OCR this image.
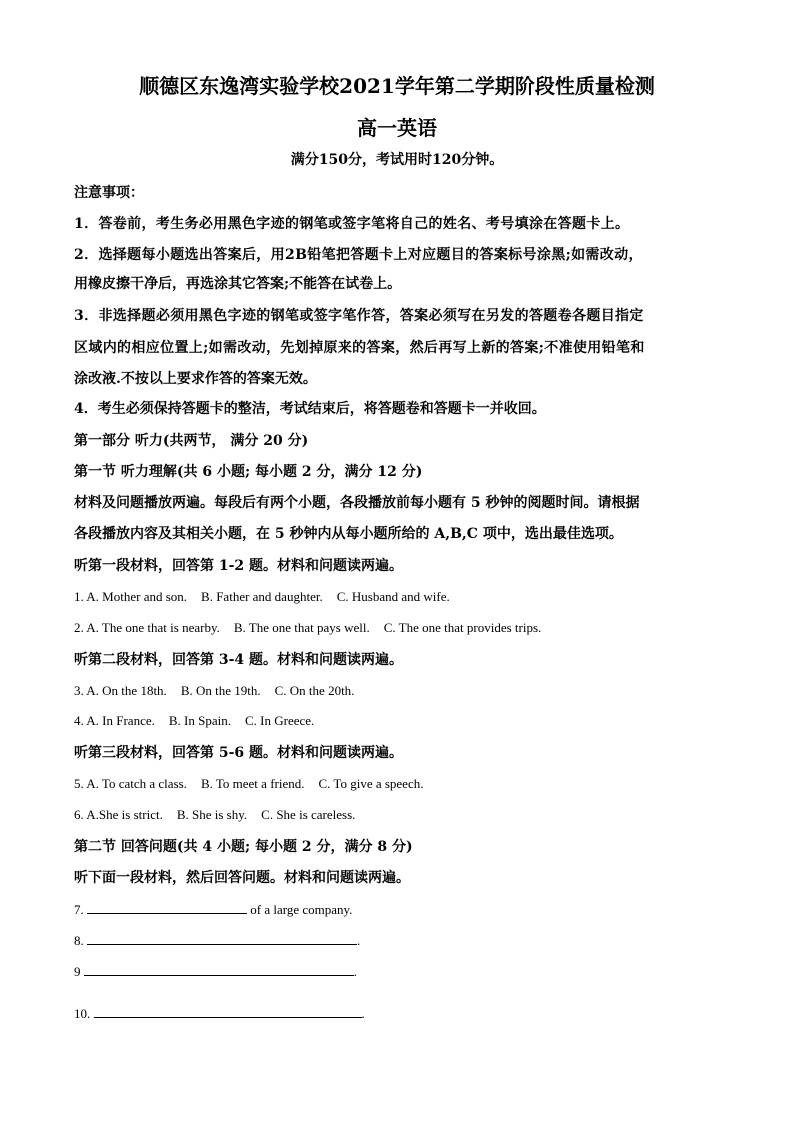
顺德区东逸湾实验学校2021学年第二学期阶段性质量检测
高一英语
满分150分，考试用时120分钟。
注意事项：
1．答卷前，考生务必用黑色字迹的钢笔或签字笔将自己的姓名、考号填涂在答题卡上。
2．选择题每小题选出答案后，用2B铅笔把答题卡上对应题目的答案标号涂黑;如需改动，
用橡皮擦干净后，再选涂其它答案;不能答在试卷上。
3．非选择题必须用黑色字迹的钢笔或签字笔作答，答案必须写在另发的答题卷各题目指定
区域内的相应位置上;如需改动，先划掉原来的答案，然后再写上新的答案;不准使用铅笔和
涂改液.不按以上要求作答的答案无效。
4．考生必须保持答题卡的整洁，考试结束后，将答题卷和答题卡一并收回。
第一部分 听力(共两节， 满分 20 分)
第一节 听力理解(共 6 小题; 每小题 2 分，满分 12 分)
材料及问题播放两遍。每段后有两个小题，各段播放前每小题有 5 秒钟的阅题时间。请根据
各段播放内容及其相关小题，在 5 秒钟内从每小题所给的 A,B,C 项中，选出最佳选项。
听第一段材料，回答第 1-2 题。材料和问题读两遍。
1. A. Mother and son. B. Father and daughter. C. Husband and wife.
2. A. The one that is nearby. B. The one that pays well. C. The one that provides trips.
听第二段材料，回答第 3-4 题。材料和问题读两遍。
3. A. On the 18th. B. On the 19th. C. On the 20th.
4. A. In France. B. In Spain. C. In Greece.
听第三段材料，回答第 5-6 题。材料和问题读两遍。
5. A. To catch a class. B. To meet a friend. C. To give a speech.
6. A.She is strict. B. She is shy. C. She is careless.
第二节 回答问题(共 4 小题; 每小题 2 分，满分 8 分)
听下面一段材料，然后回答问题。材料和问题读两遍。
7.	of a large company.
8.	.
9	.
10.	.
